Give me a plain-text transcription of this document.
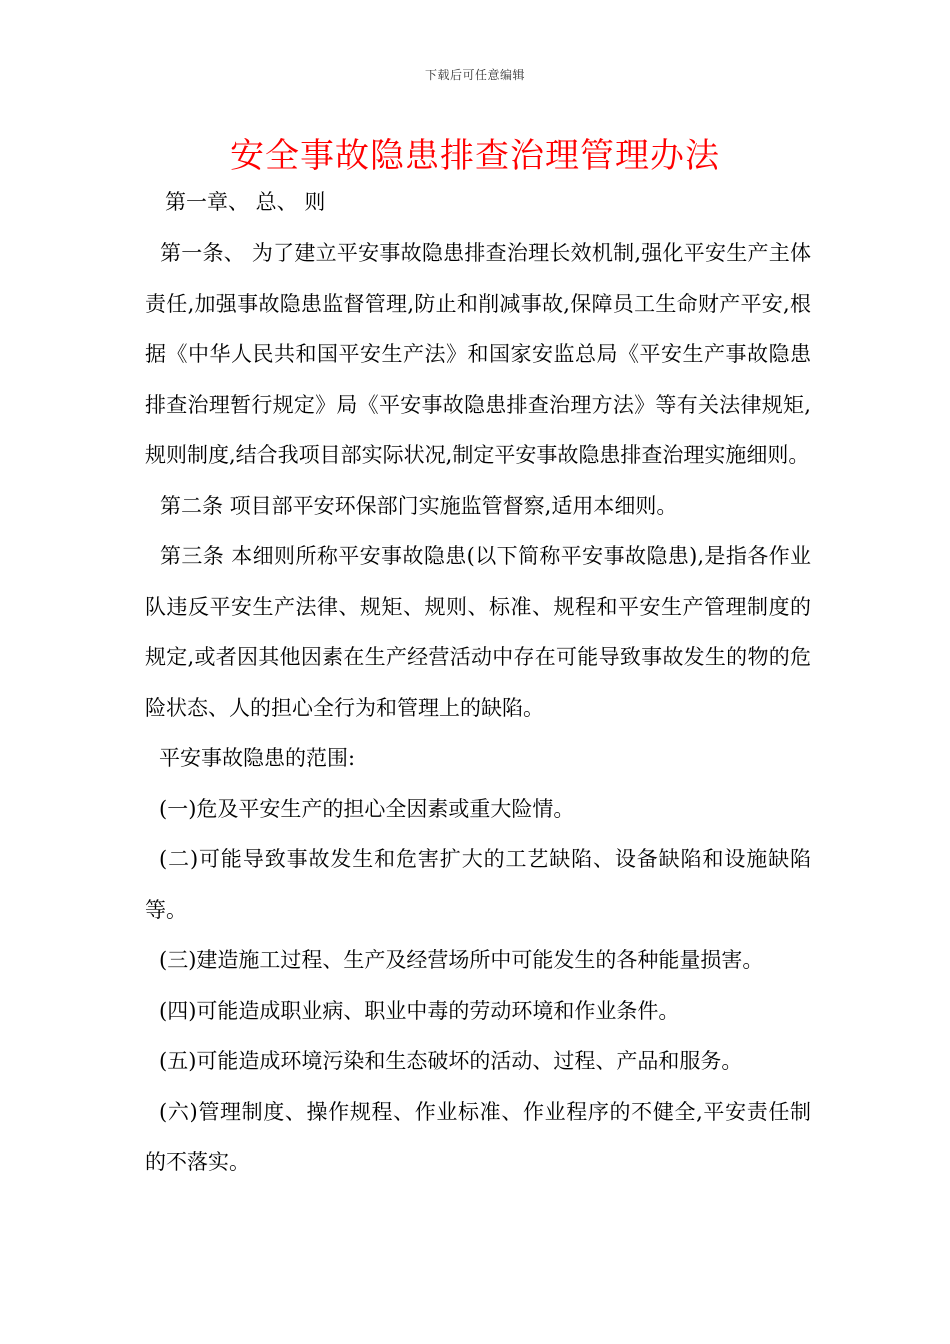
下载后可任意编辑
安全事故隐患排查治理管理办法

第一章、 总、 则

第一条、 为了建立平安事故隐患排查治理长效机制,强化平安生产主体责任,加强事故隐患监督管理,防止和削减事故,保障员工生命财产平安,根据《中华人民共和国平安生产法》和国家安监总局《平安生产事故隐患排查治理暂行规定》局《平安事故隐患排查治理方法》等有关法律规矩,规则制度,结合我项目部实际状况,制定平安事故隐患排查治理实施细则。

第二条 项目部平安环保部门实施监管督察,适用本细则。

第三条 本细则所称平安事故隐患(以下简称平安事故隐患),是指各作业队违反平安生产法律、规矩、规则、标准、规程和平安生产管理制度的规定,或者因其他因素在生产经营活动中存在可能导致事故发生的物的危险状态、人的担心全行为和管理上的缺陷。

平安事故隐患的范围:

(一)危及平安生产的担心全因素或重大险情。

(二)可能导致事故发生和危害扩大的工艺缺陷、设备缺陷和设施缺陷等。

(三)建造施工过程、生产及经营场所中可能发生的各种能量损害。

(四)可能造成职业病、职业中毒的劳动环境和作业条件。

(五)可能造成环境污染和生态破坏的活动、过程、产品和服务。

(六)管理制度、操作规程、作业标准、作业程序的不健全,平安责任制的不落实。
